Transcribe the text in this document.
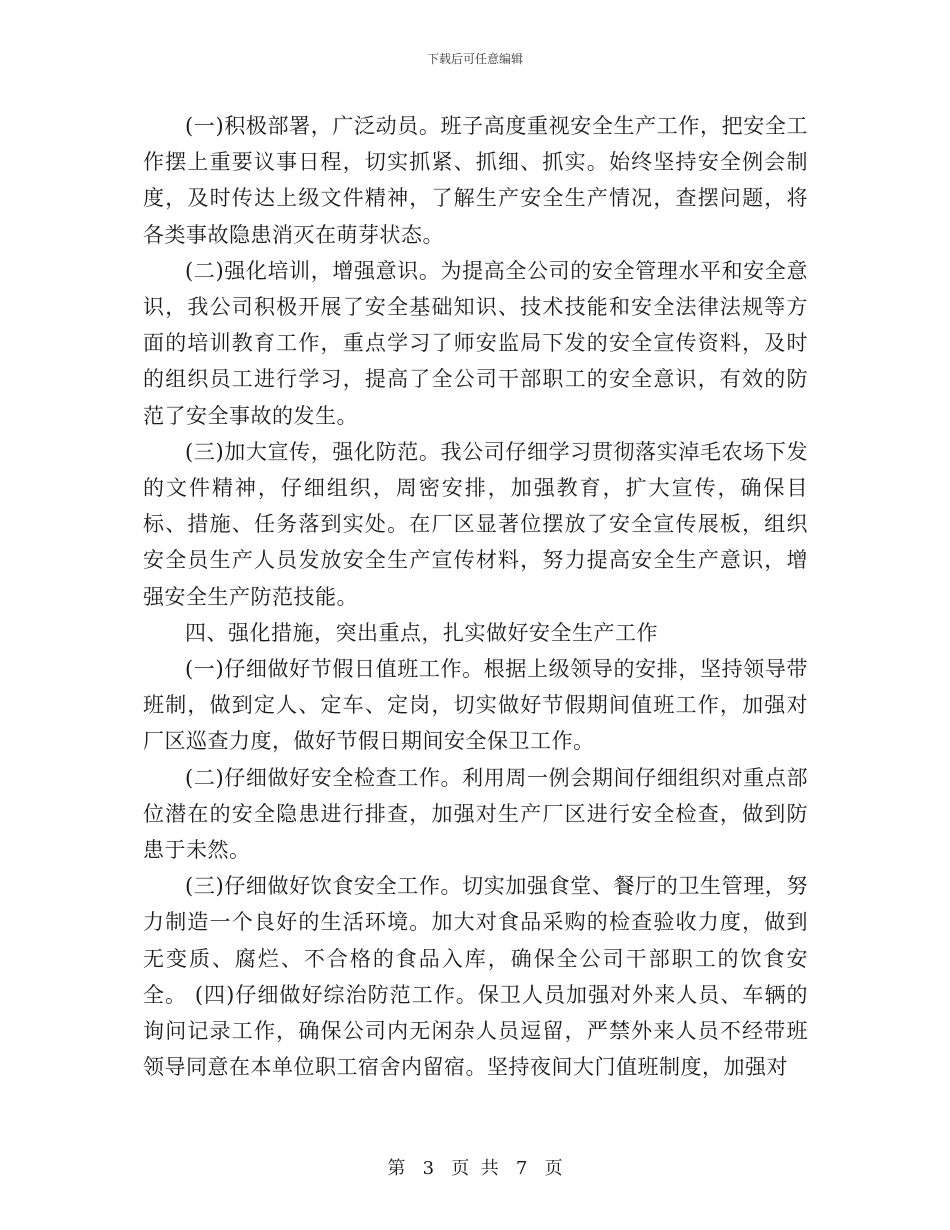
下载后可任意编辑

(一)积极部署，广泛动员。班子高度重视安全生产工作，把安全工作摆上重要议事日程，切实抓紧、抓细、抓实。始终坚持安全例会制度，及时传达上级文件精神，了解生产安全生产情况，查摆问题，将各类事故隐患消灭在萌芽状态。

(二)强化培训，增强意识。为提高全公司的安全管理水平和安全意识，我公司积极开展了安全基础知识、技术技能和安全法律法规等方面的培训教育工作，重点学习了师安监局下发的安全宣传资料，及时的组织员工进行学习，提高了全公司干部职工的安全意识，有效的防范了安全事故的发生。

(三)加大宣传，强化防范。我公司仔细学习贯彻落实淖毛农场下发的文件精神，仔细组织，周密安排，加强教育，扩大宣传，确保目标、措施、任务落到实处。在厂区显著位摆放了安全宣传展板，组织安全员生产人员发放安全生产宣传材料，努力提高安全生产意识，增强安全生产防范技能。

四、强化措施，突出重点，扎实做好安全生产工作

(一)仔细做好节假日值班工作。根据上级领导的安排，坚持领导带班制，做到定人、定车、定岗，切实做好节假期间值班工作，加强对厂区巡查力度，做好节假日期间安全保卫工作。

(二)仔细做好安全检查工作。利用周一例会期间仔细组织对重点部位潜在的安全隐患进行排查，加强对生产厂区进行安全检查，做到防患于未然。

(三)仔细做好饮食安全工作。切实加强食堂、餐厅的卫生管理，努力制造一个良好的生活环境。加大对食品采购的检查验收力度，做到无变质、腐烂、不合格的食品入库，确保全公司干部职工的饮食安全。 (四)仔细做好综治防范工作。保卫人员加强对外来人员、车辆的询问记录工作，确保公司内无闲杂人员逗留，严禁外来人员不经带班领导同意在本单位职工宿舍内留宿。坚持夜间大门值班制度，加强对

第 3 页  共 7 页
